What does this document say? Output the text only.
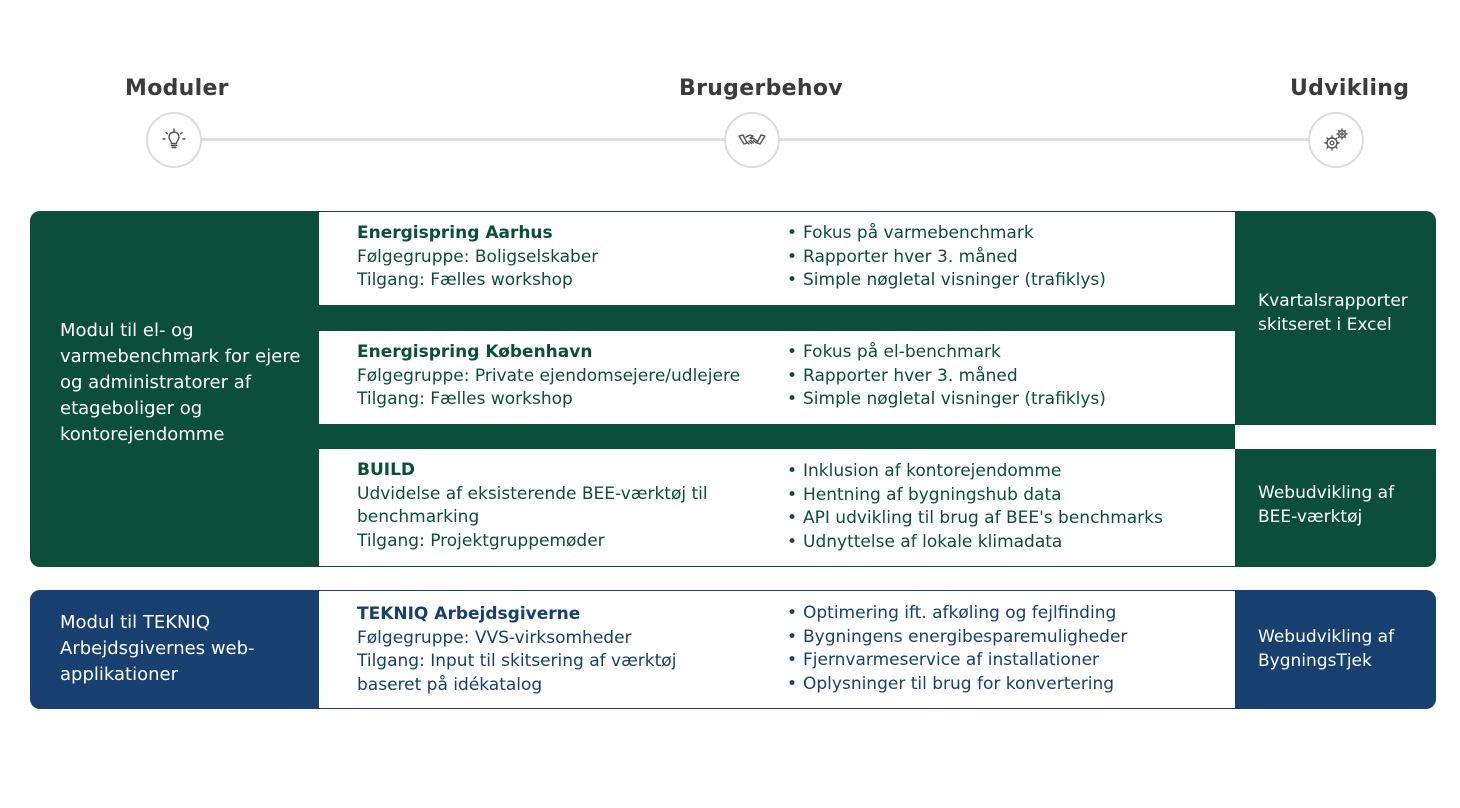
Moduler	Brugerbehov	Udvikling
Modul til el- og varmebenchmark for ejere og administratorer af etageboliger og kontorejendomme
Energispring Aarhus
Følgegruppe: Boligselskaber
Tilgang: Fælles workshop
• Fokus på varmebenchmark
• Rapporter hver 3. måned
• Simple nøgletal visninger (trafiklys)
Energispring København
Følgegruppe: Private ejendomsejere/udlejere
Tilgang: Fælles workshop
• Fokus på el-benchmark
• Rapporter hver 3. måned
• Simple nøgletal visninger (trafiklys)
BUILD
Udvidelse af eksisterende BEE-værktøj til benchmarking
Tilgang: Projektgruppemøder
• Inklusion af kontorejendomme
• Hentning af bygningshub data
• API udvikling til brug af BEE's benchmarks
• Udnyttelse af lokale klimadata
Kvartalsrapporter skitseret i Excel
Webudvikling af BEE-værktøj
Modul til TEKNIQ Arbejdsgivernes web-applikationer
TEKNIQ Arbejdsgiverne
Følgegruppe: VVS-virksomheder
Tilgang: Input til skitsering af værktøj baseret på idékatalog
• Optimering ift. afkøling og fejlfinding
• Bygningens energibesparemuligheder
• Fjernvarmeservice af installationer
• Oplysninger til brug for konvertering
Webudvikling af BygningsTjek
